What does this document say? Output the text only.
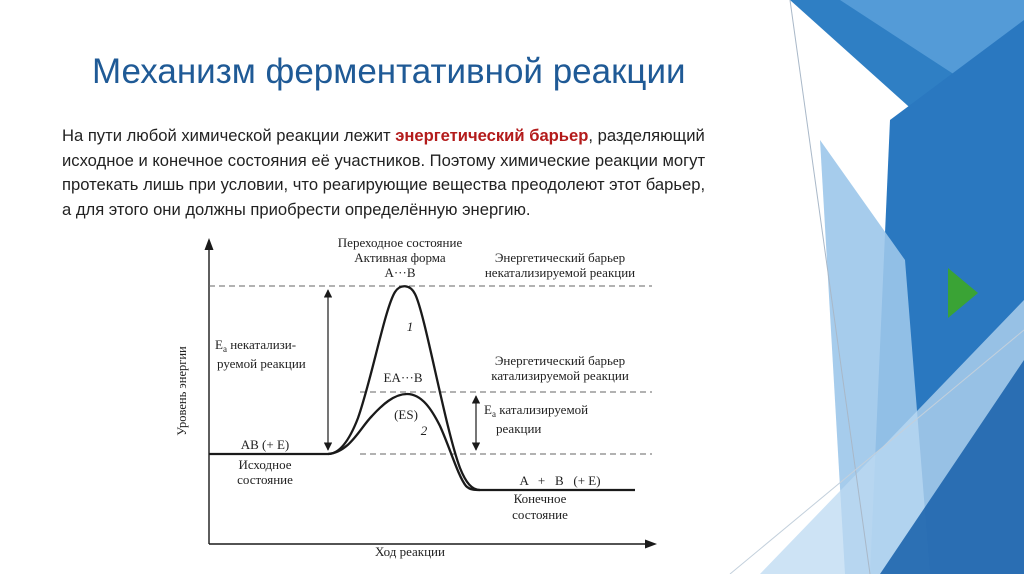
Механизм ферментативной реакции
На пути любой химической реакции лежит энергетический барьер, разделяющий
исходное и конечное состояния её участников. Поэтому химические реакции могут
протекать лишь при условии, что реагирующие вещества преодолеют этот барьер,
а для этого они должны приобрести определённую энергию.
Уровень энергии
Ход реакции
Переходное состояние
Активная форма
A···B
Энергетический барьер
некатализируемой реакции
$E_a$ некатализи-
руемой реакции
1
2
Энергетический барьер
катализируемой реакции
EA···B
(ES)	$E_a$ катализируемой
реакции
AB (+ E)
Исходное
состояние	A   +   B   (+ E)
Конечное
состояние
